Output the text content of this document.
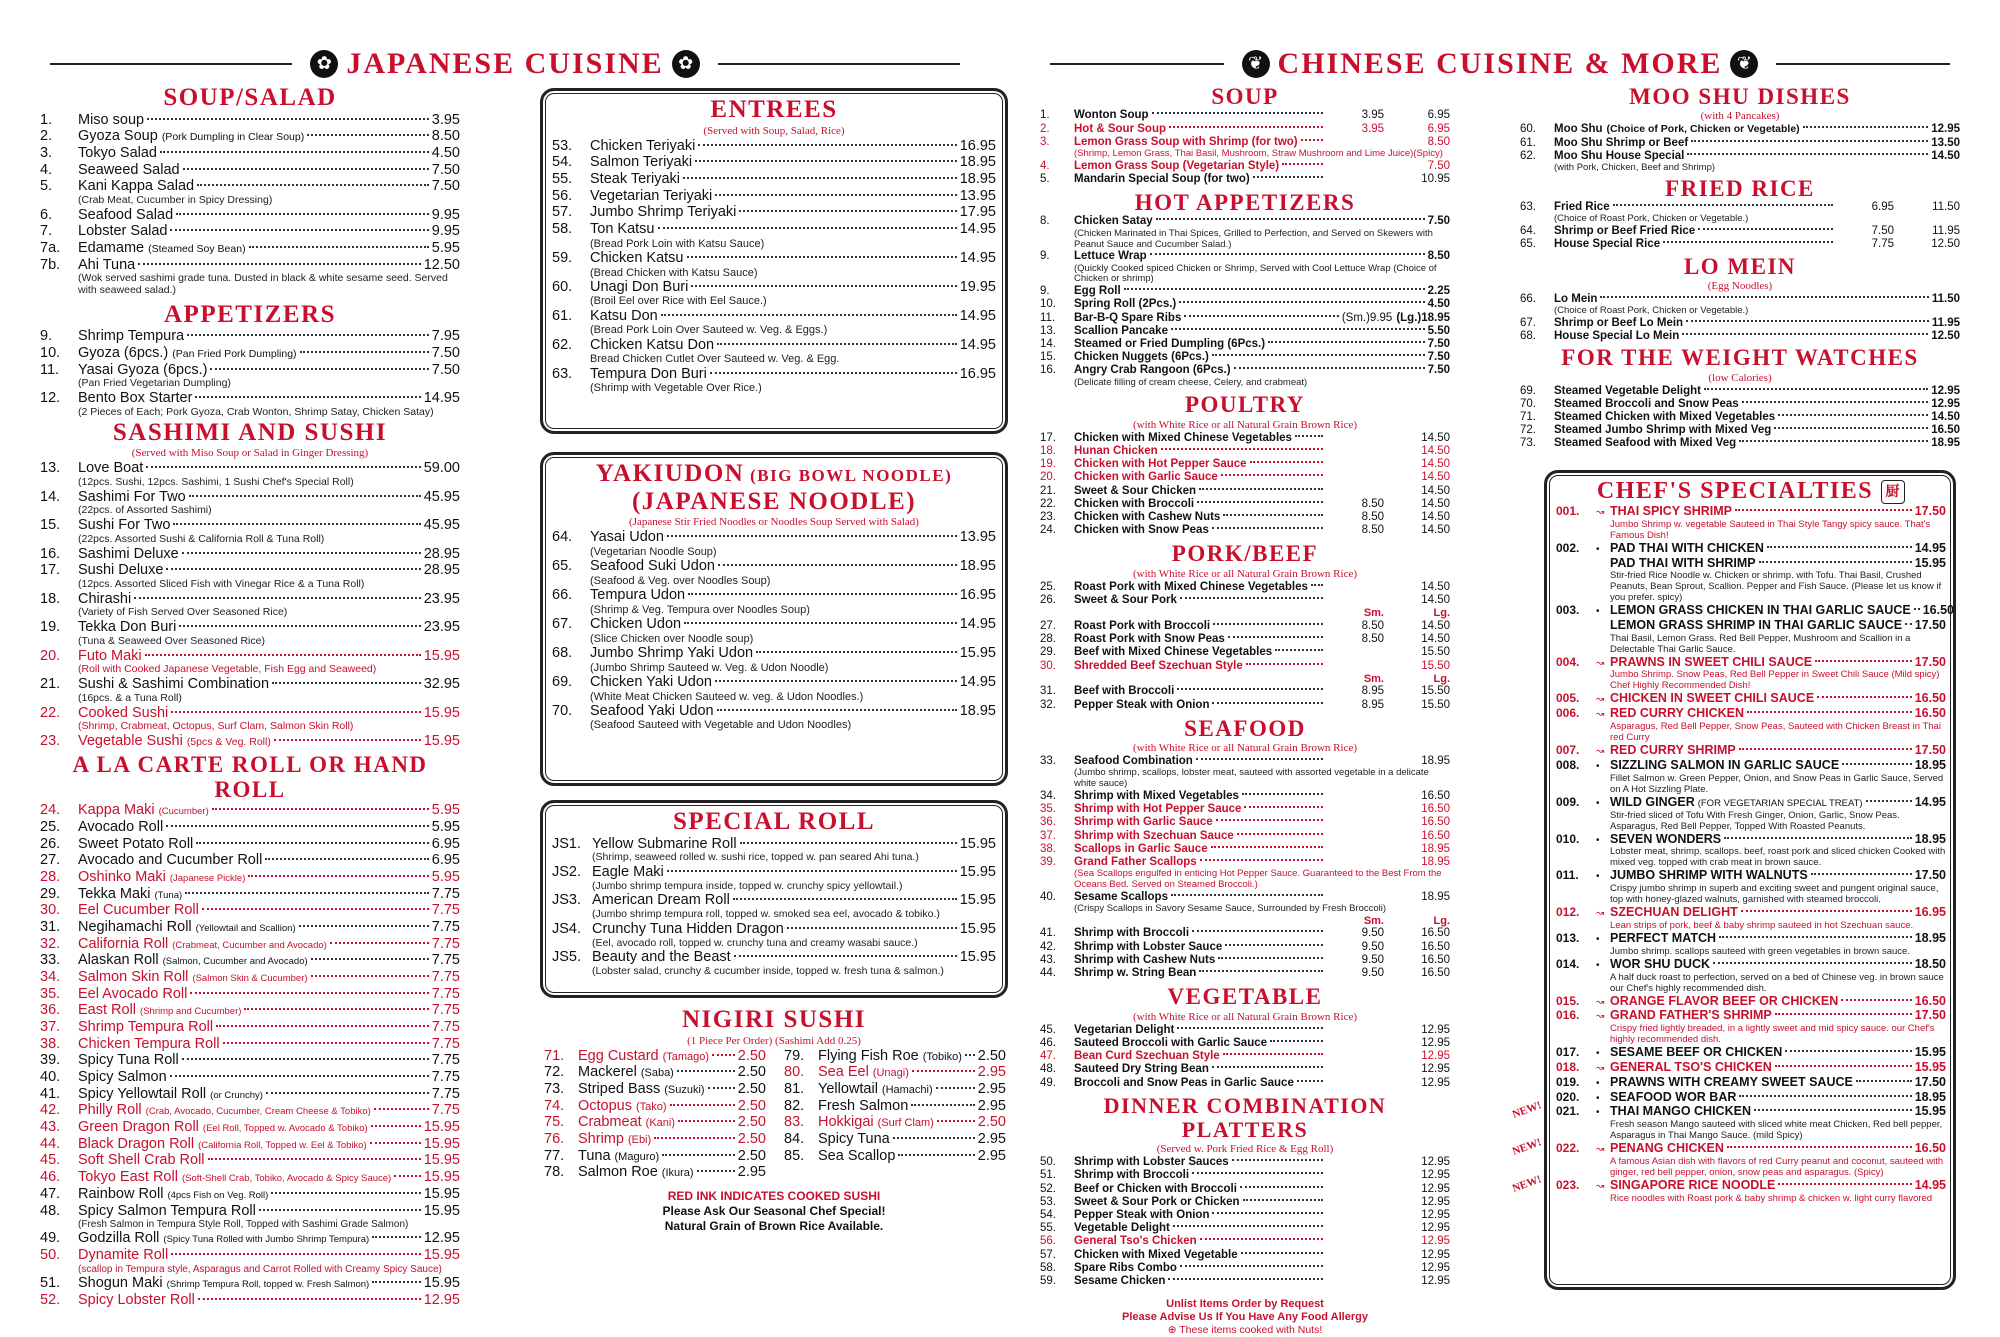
✿ JAPANESE CUISINE ✿
SOUP/SALAD
1.	Miso soup	3.95
2.	Gyoza Soup (Pork Dumpling in Clear Soup)	8.50
3.	Tokyo Salad	4.50
4.	Seaweed Salad	7.50
5.	Kani Kappa Salad	7.50
(Crab Meat, Cucumber in Spicy Dressing)
6.	Seafood Salad	9.95
7.	Lobster Salad	9.95
7a.	Edamame (Steamed Soy Bean)	5.95
7b.	Ahi Tuna	12.50
(Wok served sashimi grade tuna. Dusted in black & white sesame seed. Served with seaweed salad.)
APPETIZERS
9.	Shrimp Tempura	7.95
10.	Gyoza (6pcs.) (Pan Fried Pork Dumpling)	7.50
11.	Yasai Gyoza (6pcs.)	7.50
(Pan Fried Vegetarian Dumpling)
12.	Bento Box Starter	14.95
(2 Pieces of Each; Pork Gyoza, Crab Wonton, Shrimp Satay, Chicken Satay)
SASHIMI AND SUSHI
(Served with Miso Soup or Salad in Ginger Dressing)
13.	Love Boat	59.00
(12pcs. Sushi, 12pcs. Sashimi, 1 Sushi Chef's Special Roll)
14.	Sashimi For Two	45.95
(22pcs. of Assorted Sashimi)
15.	Sushi For Two	45.95
(22pcs. Assorted Sushi & California Roll & Tuna Roll)
16.	Sashimi Deluxe	28.95
17.	Sushi Deluxe	28.95
(12pcs. Assorted Sliced Fish with Vinegar Rice & a Tuna Roll)
18.	Chirashi	23.95
(Variety of Fish Served Over Seasoned Rice)
19.	Tekka Don Buri	23.95
(Tuna & Seaweed Over Seasoned Rice)
20.	Futo Maki	15.95
(Roll with Cooked Japanese Vegetable, Fish Egg and Seaweed)
21.	Sushi & Sashimi Combination	32.95
(16pcs. & a Tuna Roll)
22.	Cooked Sushi	15.95
(Shrimp, Crabmeat, Octopus, Surf Clam, Salmon Skin Roll)
23.	Vegetable Sushi (5pcs & Veg. Roll)	15.95
A LA CARTE ROLL OR HAND ROLL
24.	Kappa Maki (Cucumber)	5.95
25.	Avocado Roll	5.95
26.	Sweet Potato Roll	6.95
27.	Avocado and Cucumber Roll	6.95
28.	Oshinko Maki (Japanese Pickle)	5.95
29.	Tekka Maki (Tuna)	7.75
30.	Eel Cucumber Roll	7.75
31.	Negihamachi Roll (Yellowtail and Scallion)	7.75
32.	California Roll (Crabmeat, Cucumber and Avocado)	7.75
33.	Alaskan Roll (Salmon, Cucumber and Avocado)	7.75
34.	Salmon Skin Roll (Salmon Skin & Cucumber)	7.75
35.	Eel Avocado Roll	7.75
36.	East Roll (Shrimp and Cucumber)	7.75
37.	Shrimp Tempura Roll	7.75
38.	Chicken Tempura Roll	7.75
39.	Spicy Tuna Roll	7.75
40.	Spicy Salmon	7.75
41.	Spicy Yellowtail Roll (or Crunchy)	7.75
42.	Philly Roll (Crab, Avocado, Cucumber, Cream Cheese & Tobiko)	7.75
43.	Green Dragon Roll (Eel Roll, Topped w. Avocado & Tobiko)	15.95
44.	Black Dragon Roll (California Roll, Topped w. Eel & Tobiko)	15.95
45.	Soft Shell Crab Roll	15.95
46.	Tokyo East Roll (Soft-Shell Crab, Tobiko, Avocado & Spicy Sauce) 15.95
47.	Rainbow Roll (4pcs Fish on Veg. Roll)	15.95
48.	Spicy Salmon Tempura Roll	15.95
(Fresh Salmon in Tempura Style Roll, Topped with Sashimi Grade Salmon)
49.	Godzilla Roll (Spicy Tuna Rolled with Jumbo Shrimp Tempura)	12.95
50.	Dynamite Roll	15.95
(scallop in Tempura style, Asparagus and Carrot Rolled with Creamy Spicy Sauce)
51.	Shogun Maki (Shrimp Tempura Roll, topped w. Fresh Salmon)	15.95
52.	Spicy Lobster Roll	12.95
ENTREES
(Served with Soup, Salad, Rice)
53.	Chicken Teriyaki	16.95
54.	Salmon Teriyaki	18.95
55.	Steak Teriyaki	18.95
56.	Vegetarian Teriyaki	13.95
57.	Jumbo Shrimp Teriyaki	17.95
58.	Ton Katsu	14.95
(Bread Pork Loin with Katsu Sauce)
59.	Chicken Katsu	14.95
(Bread Chicken with Katsu Sauce)
60.	Unagi Don Buri	19.95
(Broil Eel over Rice with Eel Sauce.)
61.	Katsu Don	14.95
(Bread Pork Loin Over Sauteed w. Veg. & Eggs.)
62.	Chicken Katsu Don	14.95
Bread Chicken Cutlet Over Sauteed w. Veg. & Egg.
63.	Tempura Don Buri	16.95
(Shrimp with Vegetable Over Rice.)
YAKIUDON (BIG BOWL NOODLE)
(JAPANESE NOODLE)
(Japanese Stir Fried Noodles or Noodles Soup Served with Salad)
64.	Yasai Udon	13.95
(Vegetarian Noodle Soup)
65.	Seafood Suki Udon	18.95
(Seafood & Veg. over Noodles Soup)
66.	Tempura Udon	16.95
(Shrimp & Veg. Tempura over Noodles Soup)
67.	Chicken Udon	14.95
(Slice Chicken over Noodle soup)
68.	Jumbo Shrimp Yaki Udon	15.95
(Jumbo Shrimp Sauteed w. Veg. & Udon Noodle)
69.	Chicken Yaki Udon	14.95
(White Meat Chicken Sauteed w. veg. & Udon Noodles.)
70.	Seafood Yaki Udon	18.95
(Seafood Sauteed with Vegetable and Udon Noodles)
SPECIAL ROLL
JS1. Yellow Submarine Roll	15.95
(Shrimp, seaweed rolled w. sushi rice, topped w. pan seared Ahi tuna.)
JS2. Eagle Maki	15.95
(Jumbo shrimp tempura inside, topped w. crunchy spicy yellowtail.)
JS3. American Dream Roll	15.95
(Jumbo shrimp tempura roll, topped w. smoked sea eel, avocado & tobiko.)
JS4. Crunchy Tuna Hidden Dragon	15.95
(Eel, avocado roll, topped w. crunchy tuna and creamy wasabi sauce.)
JS5. Beauty and the Beast	15.95
(Lobster salad, crunchy & cucumber inside, topped w. fresh tuna & salmon.)
NIGIRI SUSHI
(1 Piece Per Order) (Sashimi Add 0.25)
71. Egg Custard (Tamago) 2.50
72. Mackerel (Saba)	2.50
73. Striped Bass (Suzuki) 2.50
74. Octopus (Tako)	2.50
75. Crabmeat (Kani)	2.50
76. Shrimp (Ebi)	2.50
77. Tuna (Maguro)	2.50
78. Salmon Roe (Ikura)	2.95
79. Flying Fish Roe (Tobiko) 2.50
80. Sea Eel (Unagi)	2.95
81. Yellowtail (Hamachi)	2.95
82. Fresh Salmon	2.95
83. Hokkigai (Surf Clam)	2.50
84. Spicy Tuna	2.95
85. Sea Scallop	2.95
RED INK INDICATES COOKED SUSHI
Please Ask Our Seasonal Chef Special!
Natural Grain of Brown Rice Available.
❦ CHINESE CUISINE & MORE ❦
SOUP
1.	Wonton Soup	3.95	6.95
2.	Hot & Sour Soup	3.95	6.95
3.	Lemon Grass Soup with Shrimp (for two)	8.50
(Shrimp, Lemon Grass, Thai Basil, Mushroom, Straw Mushroom and Lime Juice)(Spicy)
4.	Lemon Grass Soup (Vegetarian Style)	7.50
5.	Mandarin Special Soup (for two)	10.95
HOT APPETIZERS
8.	Chicken Satay	7.50
(Chicken Marinated in Thai Spices, Grilled to Perfection, and Served on Skewers with Peanut Sauce and Cucumber Salad.)
9.	Lettuce Wrap	8.50
(Quickly Cooked spiced Chicken or Shrimp, Served with Cool Lettuce Wrap (Choice of Chicken or shrimp)
9.	Egg Roll	2.25
10.	Spring Roll (2Pcs.)	4.50
11.	Bar-B-Q Spare Ribs	(Sm.)9.95 (Lg.)18.95
13.	Scallion Pancake	5.50
14.	Steamed or Fried Dumpling (6Pcs.)	7.50
15.	Chicken Nuggets (6Pcs.)	7.50
16.	Angry Crab Rangoon (6Pcs.)	7.50
(Delicate filling of cream cheese, Celery, and crabmeat)
POULTRY
(with White Rice or all Natural Grain Brown Rice)
17.	Chicken with Mixed Chinese Vegetables	14.50
18.	Hunan Chicken	14.50
19.	Chicken with Hot Pepper Sauce	14.50
20.	Chicken with Garlic Sauce	14.50
21.	Sweet & Sour Chicken	14.50
22.	Chicken with Broccoli	8.50	14.50
23.	Chicken with Cashew Nuts	8.50	14.50
24.	Chicken with Snow Peas	8.50	14.50
PORK/BEEF
(with White Rice or all Natural Grain Brown Rice)
25.	Roast Pork with Mixed Chinese Vegetables	14.50
26.	Sweet & Sour Pork	14.50
Sm.	Lg.
27.	Roast Pork with Broccoli	8.50	14.50
28.	Roast Pork with Snow Peas	8.50	14.50
29.	Beef with Mixed Chinese Vegetables	15.50
30.	Shredded Beef Szechuan Style	15.50
Sm.	Lg.
31.	Beef with Broccoli	8.95	15.50
32.	Pepper Steak with Onion	8.95	15.50
SEAFOOD
(with White Rice or all Natural Grain Brown Rice)
33.	Seafood Combination	18.95
(Jumbo shrimp, scallops, lobster meat, sauteed with assorted vegetable in a delicate white sauce)
34.	Shrimp with Mixed Vegetables	16.50
35.	Shrimp with Hot Pepper Sauce	16.50
36.	Shrimp with Garlic Sauce	16.50
37.	Shrimp with Szechuan Sauce	16.50
38.	Scallops in Garlic Sauce	18.95
39.	Grand Father Scallops	18.95
(Sea Scallops engulfed in enticing Hot Pepper Sauce. Guaranteed to the Best From the Oceans Bed. Served on Steamed Broccoli.)
40.	Sesame Scallops	18.95
(Crispy Scallops in Savory Sesame Sauce, Surrounded by Fresh Broccoli)
Sm.	Lg.
41.	Shrimp with Broccoli	9.50	16.50
42.	Shrimp with Lobster Sauce	9.50	16.50
43.	Shrimp with Cashew Nuts	9.50	16.50
44.	Shrimp w. String Bean	9.50	16.50
VEGETABLE
(with White Rice or all Natural Grain Brown Rice)
45.	Vegetarian Delight	12.95
46.	Sauteed Broccoli with Garlic Sauce	12.95
47.	Bean Curd Szechuan Style	12.95
48.	Sauteed Dry String Bean	12.95
49.	Broccoli and Snow Peas in Garlic Sauce	12.95
DINNER COMBINATION PLATTERS
(Served w. Pork Fried Rice & Egg Roll)
50.	Shrimp with Lobster Sauces	12.95
51.	Shrimp with Broccoli	12.95
52.	Beef or Chicken with Broccoli	12.95
53.	Sweet & Sour Pork or Chicken	12.95
54.	Pepper Steak with Onion	12.95
55.	Vegetable Delight	12.95
56.	General Tso's Chicken	12.95
57.	Chicken with Mixed Vegetable	12.95
58.	Spare Ribs Combo	12.95
59.	Sesame Chicken	12.95
Unlist Items Order by Request
Please Advise Us If You Have Any Food Allergy
⊕ These items cooked with Nuts!
MOO SHU DISHES
(with 4 Pancakes)
60.	Moo Shu (Choice of Pork, Chicken or Vegetable)	12.95
61.	Moo Shu Shrimp or Beef	13.50
62.	Moo Shu House Special	14.50
(with Pork, Chicken, Beef and Shrimp)
FRIED RICE
63.	Fried Rice	6.95	11.50
(Choice of Roast Pork, Chicken or Vegetable.)
64.	Shrimp or Beef Fried Rice	7.50	11.95
65.	House Special Rice	7.75	12.50
LO MEIN
(Egg Noodles)
66.	Lo Mein	11.50
(Choice of Roast Pork, Chicken or Vegetable.)
67.	Shrimp or Beef Lo Mein	11.95
68.	House Special Lo Mein	12.50
FOR THE WEIGHT WATCHES
(low Calories)
69.	Steamed Vegetable Delight	12.95
70.	Steamed Broccoli and Snow Peas	12.95
71.	Steamed Chicken with Mixed Vegetables	14.50
72.	Steamed Jumbo Shrimp with Mixed Veg	16.50
73.	Steamed Seafood with Mixed Veg	18.95
CHEF'S SPECIALTIES 厨
001.	↝ THAI SPICY SHRIMP	17.50
Jumbo Shrimp w. vegetable Sauteed in Thai Style Tangy spicy sauce. That's Famous Dish!
002.	• PAD THAI WITH CHICKEN	14.95
PAD THAI WITH SHRIMP	15.95
Stir-fried Rice Noodle w. Chicken or shrimp. with Tofu. Thai Basil, Crushed Peanuts, Bean Sprout, Scallion. Pepper and Fish Sauce. (Please let us know if you prefer. spicy)
003.	• LEMON GRASS CHICKEN IN THAI GARLIC SAUCE 16.50
LEMON GRASS SHRIMP IN THAI GARLIC SAUCE 17.50
Thai Basil, Lemon Grass. Red Bell Pepper, Mushroom and Scallion in a Delectable Thai Garlic Sauce.
004.	↝ PRAWNS IN SWEET CHILI SAUCE	17.50
Jumbo Shrimp. Snow Peas, Red Bell Pepper in Sweet Chili Sauce (Mild spicy) Chef Highly Recommended Dish!
005.	↝ CHICKEN IN SWEET CHILI SAUCE	16.50
006.	↝ RED CURRY CHICKEN	16.50
Asparagus, Red Bell Pepper, Snow Peas, Sauteed with Chicken Breast in Thai red Curry
007.	↝ RED CURRY SHRIMP	17.50
008.	• SIZZLING SALMON IN GARLIC SAUCE	18.95
Fillet Salmon w. Green Pepper, Onion, and Snow Peas in Garlic Sauce, Served on A Hot Sizzling Plate.
009.	• WILD GINGER (FOR VEGETARIAN SPECIAL TREAT)	14.95
Stir-fried sliced of Tofu With Fresh Ginger, Onion, Garlic, Snow Peas. Asparagus, Red Bell Pepper, Topped With Roasted Peanuts.
010.	• SEVEN WONDERS	18.95
Lobster meat, shrimp. scallops. beef, roast pork and sliced chicken Cooked with mixed veg. topped with crab meat in brown sauce.
011.	• JUMBO SHRIMP WITH WALNUTS	17.50
Crispy jumbo shrimp in superb and exciting sweet and pungent original sauce, top with honey-glazed walnuts, garnished with steamed broccoli.
012.	↝ SZECHUAN DELIGHT	16.95
Lean strips of pork, beef & baby shrimp sauteed in hot Szechuan sauce.
013.	• PERFECT MATCH	18.95
Jumbo shrimp. scallops sauteed with green vegetables in brown sauce.
014.	• WOR SHU DUCK	18.50
A half duck roast to perfection, served on a bed of Chinese veg. in brown sauce our Chef's highly recommended dish.
015.	↝ ORANGE FLAVOR BEEF OR CHICKEN	16.50
016.	↝ GRAND FATHER'S SHRIMP	17.50
Crispy fried lightly breaded, in a lightly sweet and mid spicy sauce. our Chef's highly recommended dish.
017.	• SESAME BEEF OR CHICKEN	15.95
018.	↝ GENERAL TSO'S CHICKEN	15.95
019.	• PRAWNS WITH CREAMY SWEET SAUCE	17.50
020.	• SEAFOOD WOR BAR	18.95
021.	• THAI MANGO CHICKEN	15.95
NEW!
Fresh season Mango sauteed with sliced white meat Chicken, Red bell pepper, Asparagus in Thai Mango Sauce. (mild Spicy)
022.	↝ PENANG CHICKEN	16.50
NEW!
A famous Asian dish with flavors of red Curry peanut and coconut, sauteed with ginger, red bell pepper, onion, snow peas and asparagus. (Spicy)
023.	↝ SINGAPORE RICE NOODLE	14.95
NEW!
Rice noodles with Roast pork & baby shrimp & chicken w. light curry flavored
